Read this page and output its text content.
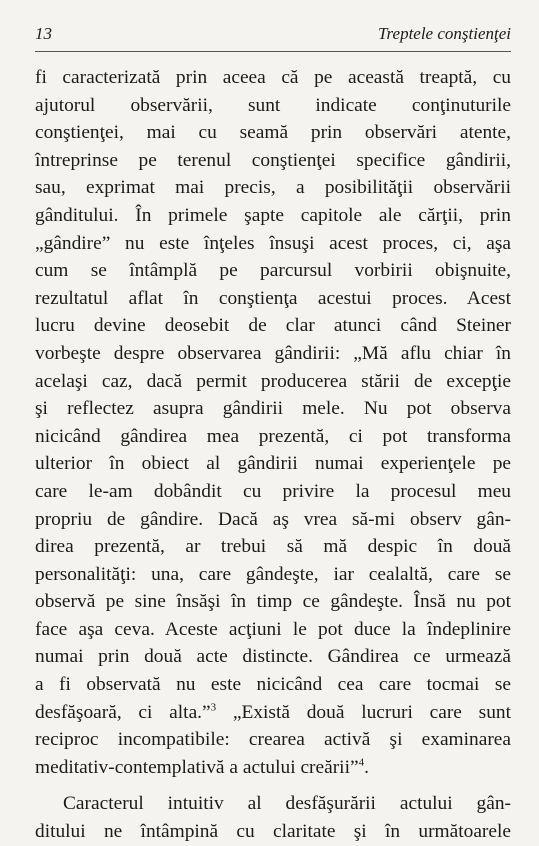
13	Treptele conştienţei
fi caracterizată prin aceea că pe această treaptă, cu
ajutorul observării, sunt indicate conţinuturile
conştienţei, mai cu seamă prin observări atente,
întreprinse pe terenul conştienţei specifice gândirii,
sau, exprimat mai precis, a posibilităţii observării
gânditului. În primele şapte capitole ale cărţii, prin
„gândire” nu este înţeles însuşi acest proces, ci, aşa
cum se întâmplă pe parcursul vorbirii obişnuite,
rezultatul aflat în conştienţa acestui proces. Acest
lucru devine deosebit de clar atunci când Steiner
vorbeşte despre observarea gândirii: „Mă aflu chiar în
acelaşi caz, dacă permit producerea stării de excepţie
şi reflectez asupra gândirii mele. Nu pot observa
nicicând gândirea mea prezentă, ci pot transforma
ulterior în obiect al gândirii numai experienţele pe
care le-am dobândit cu privire la procesul meu
propriu de gândire. Dacă aş vrea să-mi observ gân-
direa prezentă, ar trebui să mă despic în două
personalităţi: una, care gândeşte, iar cealaltă, care se
observă pe sine însăşi în timp ce gândeşte. Însă nu pot
face aşa ceva. Aceste acţiuni le pot duce la îndeplinire
numai prin două acte distincte. Gândirea ce urmează
a fi observată nu este nicicând cea care tocmai se
desfăşoară, ci alta.”$^3$ „Există două lucruri care sunt
reciproc incompatibile: crearea activă şi examinarea
meditativ-contemplativă a actului creării”$^4$.
Caracterul intuitiv al desfăşurării actului gân-
ditului ne întâmpină cu claritate şi în următoarele
